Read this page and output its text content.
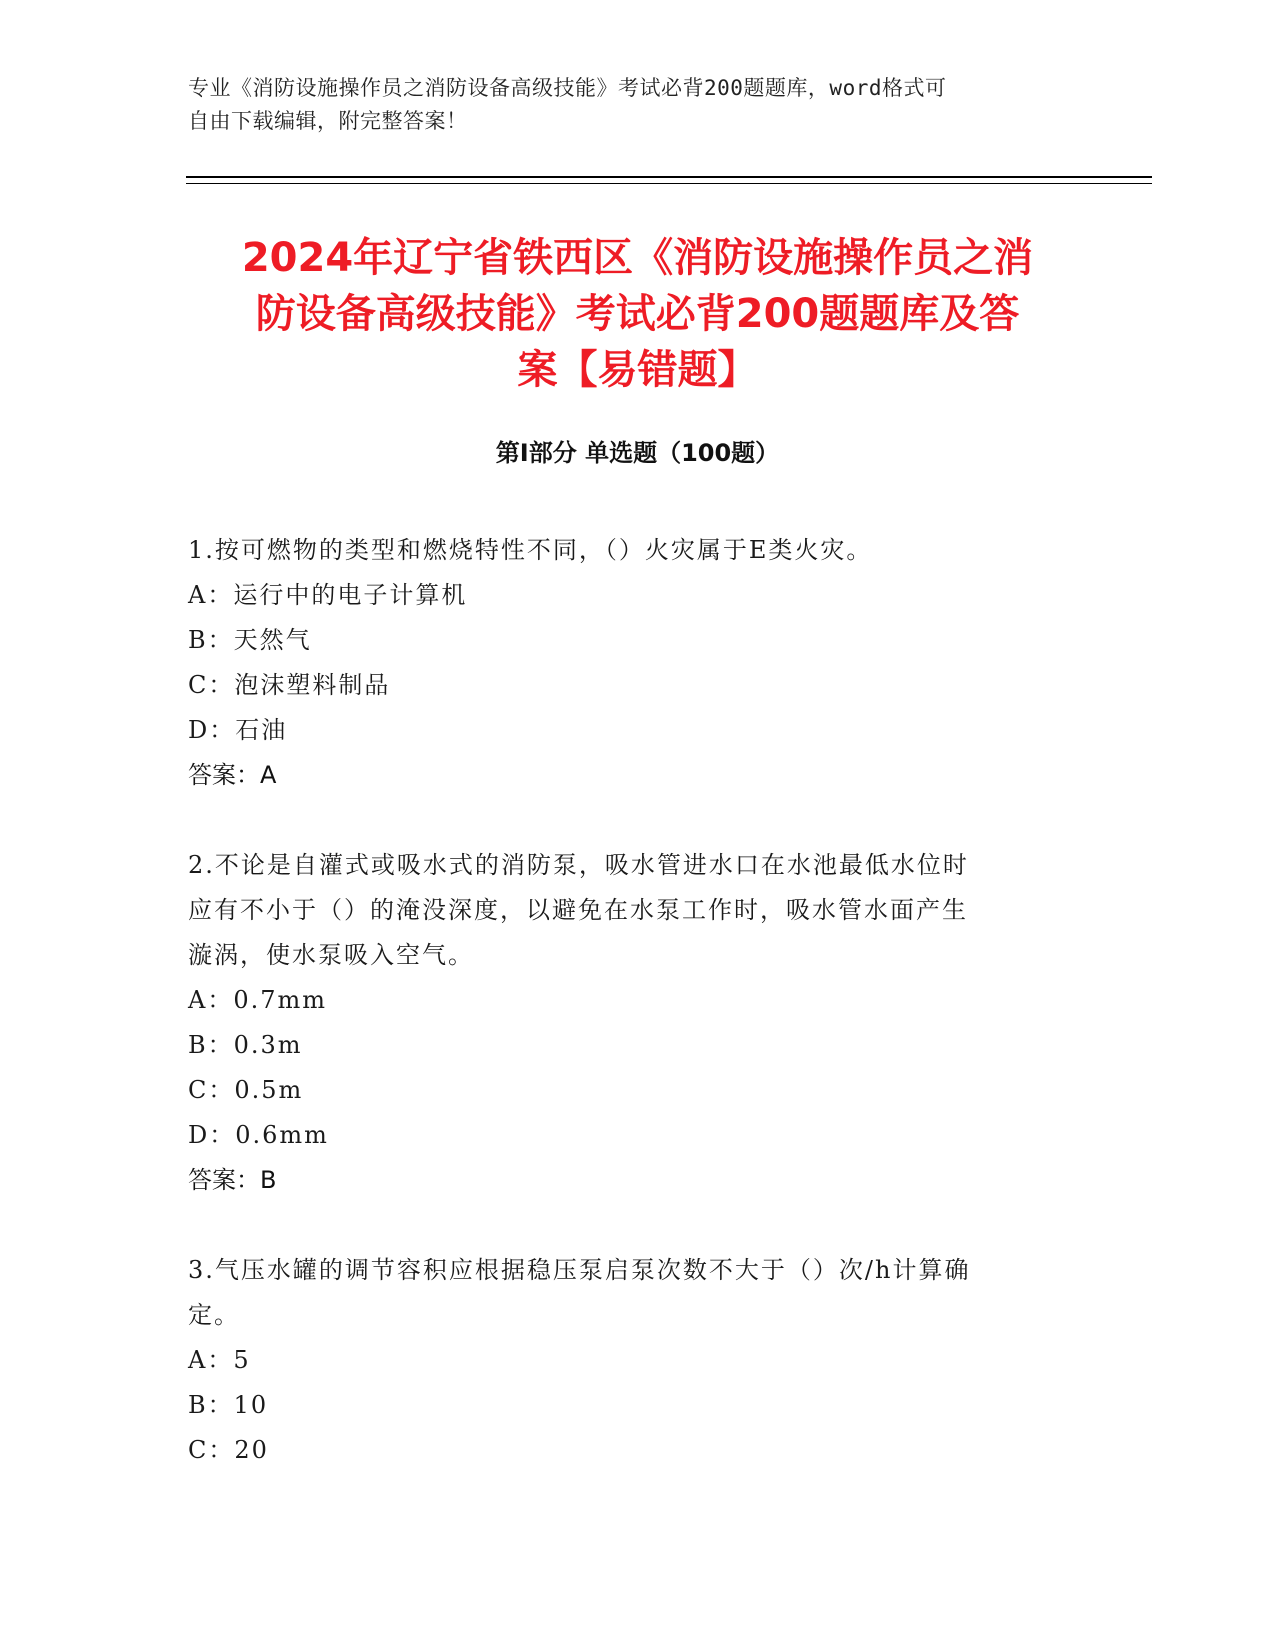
专业《消防设施操作员之消防设备高级技能》考试必背200题题库，word格式可
自由下载编辑，附完整答案！
2024年辽宁省铁西区《消防设施操作员之消
防设备高级技能》考试必背200题题库及答
案【易错题】
第Ⅰ部分 单选题（100题）

1.按可燃物的类型和燃烧特性不同，（）火灾属于E类火灾。

A：运行中的电子计算机

B：天然气

C：泡沫塑料制品

D：石油

答案：A

2.不论是自灌式或吸水式的消防泵，吸水管进水口在水池最低水位时

应有不小于（）的淹没深度，以避免在水泵工作时，吸水管水面产生

漩涡，使水泵吸入空气。

A：0.7mm

B：0.3m

C：0.5m

D：0.6mm

答案：B

3.气压水罐的调节容积应根据稳压泵启泵次数不大于（）次/h计算确

定。

A：5

B：10

C：20
